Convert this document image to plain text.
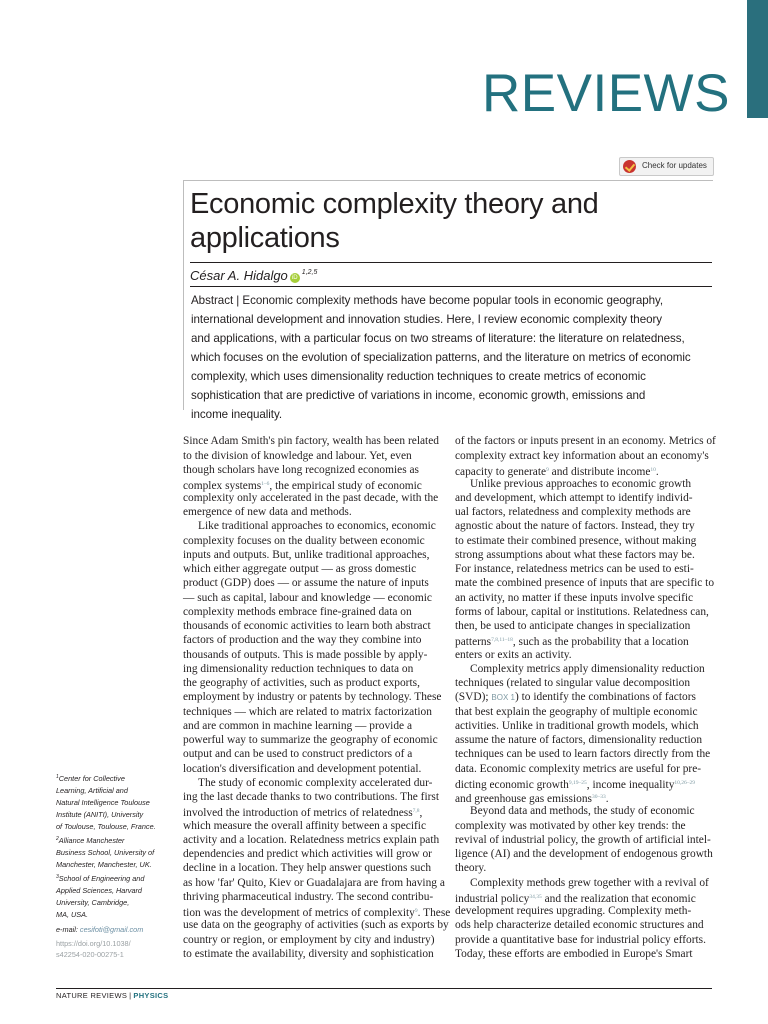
REVIEWS
Check for updates
Economic complexity theory and
applications
César A. Hidalgo iD$^{1,2,5}$
Abstract | Economic complexity methods have become popular tools in economic geography,
international development and innovation studies. Here, I review economic complexity theory
and applications, with a particular focus on two streams of literature: the literature on relatedness,
which focuses on the evolution of specialization patterns, and the literature on metrics of economic
complexity, which uses dimensionality reduction techniques to create metrics of economic
sophistication that are predictive of variations in income, economic growth, emissions and
income inequality.
Since Adam Smith's pin factory, wealth has been related
to the division of knowledge and labour. Yet, even
though scholars have long recognized economies as
complex systems$^{1-6}$, the empirical study of economic
complexity only accelerated in the past decade, with the
emergence of new data and methods.
Like traditional approaches to economics, economic
complexity focuses on the duality between economic
inputs and outputs. But, unlike traditional approaches,
which either aggregate output — as gross domestic
product (GDP) does — or assume the nature of inputs
— such as capital, labour and knowledge — economic
complexity methods embrace fine-grained data on
thousands of economic activities to learn both abstract
factors of production and the way they combine into
thousands of outputs. This is made possible by apply-
ing dimensionality reduction techniques to data on
the geography of activities, such as product exports,
employment by industry or patents by technology. These
techniques — which are related to matrix factorization
and are common in machine learning — provide a
powerful way to summarize the geography of economic
output and can be used to construct predictors of a
location's diversification and development potential.
The study of economic complexity accelerated dur-
ing the last decade thanks to two contributions. The first
involved the introduction of metrics of relatedness$^{7,8}$,
which measure the overall affinity between a specific
activity and a location. Relatedness metrics explain path
dependencies and predict which activities will grow or
decline in a location. They help answer questions such
as how 'far' Quito, Kiev or Guadalajara are from having a
thriving pharmaceutical industry. The second contribu-
tion was the development of metrics of complexity$^9$. These
use data on the geography of activities (such as exports by
country or region, or employment by city and industry)
to estimate the availability, diversity and sophistication
of the factors or inputs present in an economy. Metrics of
complexity extract key information about an economy's
capacity to generate$^9$ and distribute income$^{10}$.
Unlike previous approaches to economic growth
and development, which attempt to identify individ-
ual factors, relatedness and complexity methods are
agnostic about the nature of factors. Instead, they try
to estimate their combined presence, without making
strong assumptions about what these factors may be.
For instance, relatedness metrics can be used to esti-
mate the combined presence of inputs that are specific to
an activity, no matter if these inputs involve specific
forms of labour, capital or institutions. Relatedness can,
then, be used to anticipate changes in specialization
patterns$^{7,8,11-18}$, such as the probability that a location
enters or exits an activity.
Complexity metrics apply dimensionality reduction
techniques (related to singular value decomposition
(SVD); BOX 1) to identify the combinations of factors
that best explain the geography of multiple economic
activities. Unlike in traditional growth models, which
assume the nature of factors, dimensionality reduction
techniques can be used to learn factors directly from the
data. Economic complexity metrics are useful for pre-
dicting economic growth$^{9,19-25}$, income inequality$^{10,26-29}$
and greenhouse gas emissions$^{30-33}$.
Beyond data and methods, the study of economic
complexity was motivated by other key trends: the
revival of industrial policy, the growth of artificial intel-
ligence (AI) and the development of endogenous growth
theory.
Complexity methods grew together with a revival of
industrial policy$^{34,35}$ and the realization that economic
development requires upgrading. Complexity meth-
ods help characterize detailed economic structures and
provide a quantitative base for industrial policy efforts.
Today, these efforts are embodied in Europe's Smart
$^1$Center for Collective
Learning, Artificial and
Natural Intelligence Toulouse
Institute (ANITI), University
of Toulouse, Toulouse, France.
$^2$Alliance Manchester
Business School, University of
Manchester, Manchester, UK.
$^3$School of Engineering and
Applied Sciences, Harvard
University, Cambridge,
MA, USA.
e-mail: cesifoti@gmail.com
https://doi.org/10.1038/
s42254-020-00275-1
NATURE REVIEWS | PHYSICS
